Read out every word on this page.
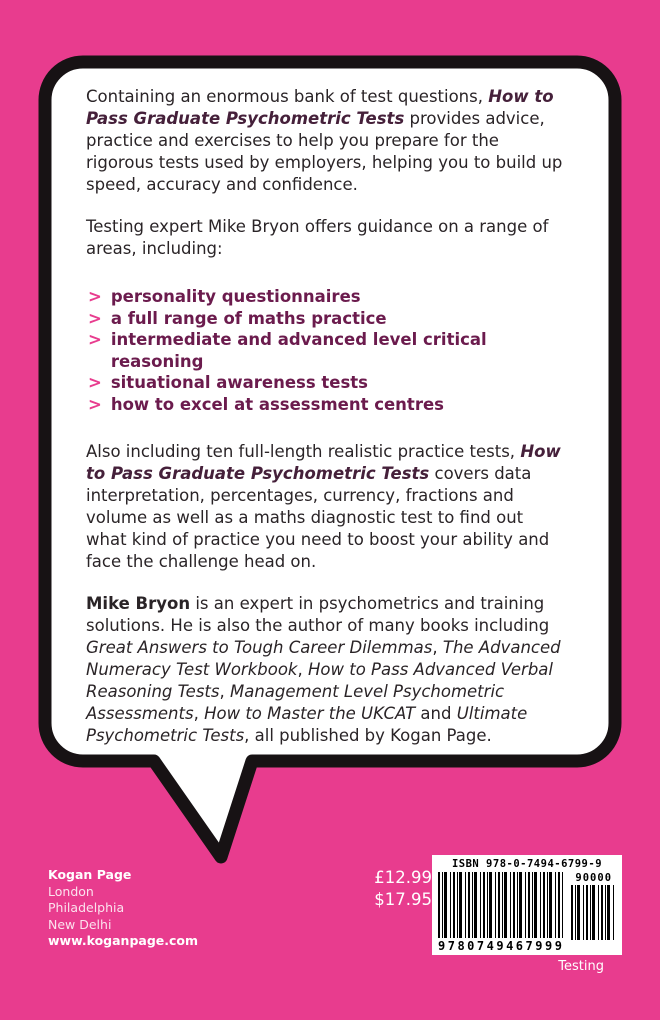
Containing an enormous bank of test questions, How to Pass Graduate Psychometric Tests provides advice, practice and exercises to help you prepare for the rigorous tests used by employers, helping you to build up speed, accuracy and confidence.

Testing expert Mike Bryon offers guidance on a range of areas, including:

> personality questionnaires
> a full range of maths practice
> intermediate and advanced level critical reasoning
> situational awareness tests
> how to excel at assessment centres

Also including ten full-length realistic practice tests, How to Pass Graduate Psychometric Tests covers data interpretation, percentages, currency, fractions and volume as well as a maths diagnostic test to find out what kind of practice you need to boost your ability and face the challenge head on.

Mike Bryon is an expert in psychometrics and training solutions. He is also the author of many books including Great Answers to Tough Career Dilemmas, The Advanced Numeracy Test Workbook, How to Pass Advanced Verbal Reasoning Tests, Management Level Psychometric Assessments, How to Master the UKCAT and Ultimate Psychometric Tests, all published by Kogan Page.

Kogan Page
London
Philadelphia
New Delhi
www.koganpage.com
£12.99
$17.95
ISBN 978-0-7494-6799-9
9780749467999
90000
Testing
